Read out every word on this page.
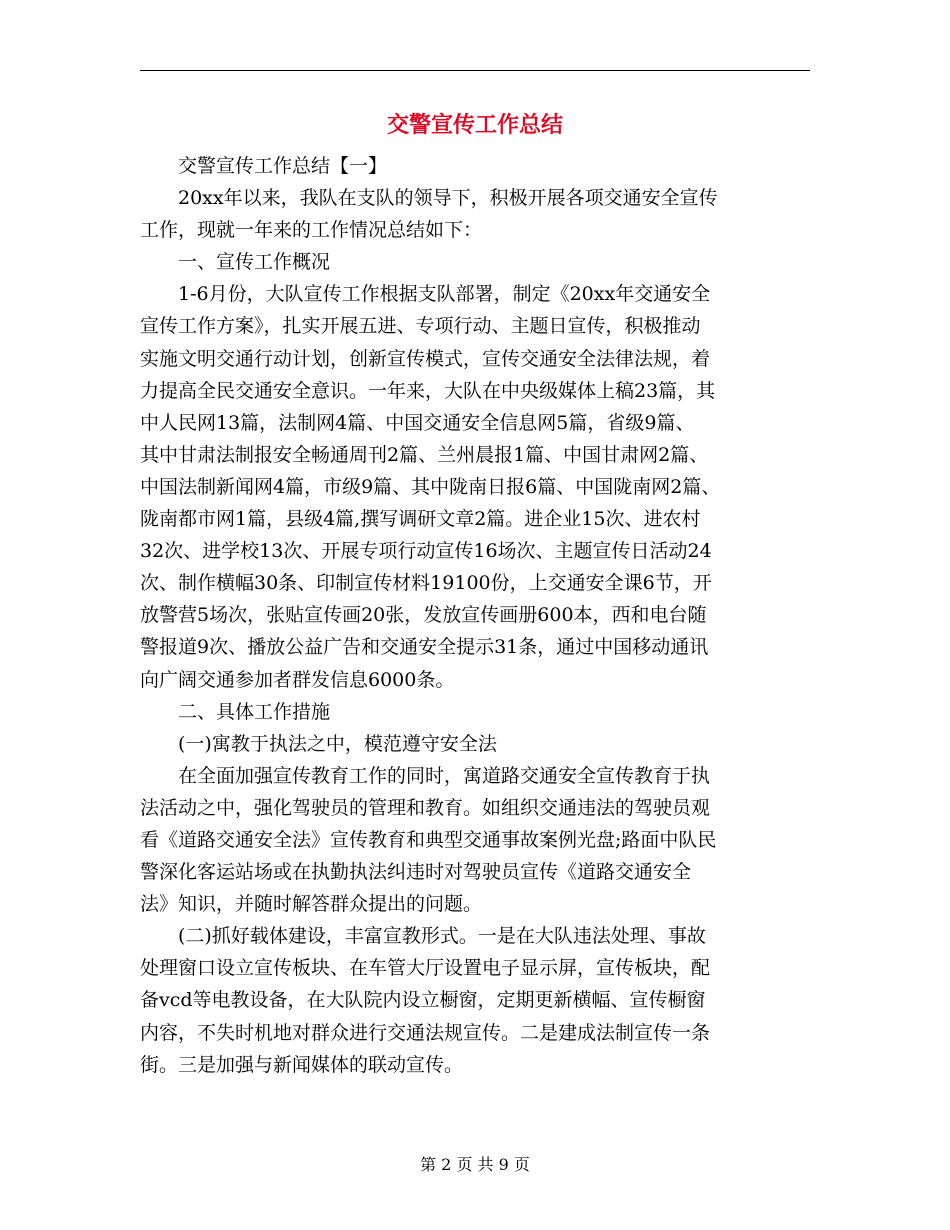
交警宣传工作总结
　　交警宣传工作总结【一】
　　20xx年以来，我队在支队的领导下，积极开展各项交通安全宣传
工作，现就一年来的工作情况总结如下：
　　一、宣传工作概况
　　1-6月份，大队宣传工作根据支队部署，制定《20xx年交通安全
宣传工作方案》，扎实开展五进、专项行动、主题日宣传，积极推动
实施文明交通行动计划，创新宣传模式，宣传交通安全法律法规，着
力提高全民交通安全意识。一年来，大队在中央级媒体上稿23篇，其
中人民网13篇，法制网4篇、中国交通安全信息网5篇，省级9篇、
其中甘肃法制报安全畅通周刊2篇、兰州晨报1篇、中国甘肃网2篇、
中国法制新闻网4篇，市级9篇、其中陇南日报6篇、中国陇南网2篇、
陇南都市网1篇，县级4篇,撰写调研文章2篇。进企业15次、进农村
32次、进学校13次、开展专项行动宣传16场次、主题宣传日活动24
次、制作横幅30条、印制宣传材料19100份，上交通安全课6节，开
放警营5场次，张贴宣传画20张，发放宣传画册600本，西和电台随
警报道9次、播放公益广告和交通安全提示31条，通过中国移动通讯
向广阔交通参加者群发信息6000条。
　　二、具体工作措施
　　(一)寓教于执法之中，模范遵守安全法
　　在全面加强宣传教育工作的同时，寓道路交通安全宣传教育于执
法活动之中，强化驾驶员的管理和教育。如组织交通违法的驾驶员观
看《道路交通安全法》宣传教育和典型交通事故案例光盘;路面中队民
警深化客运站场或在执勤执法纠违时对驾驶员宣传《道路交通安全
法》知识，并随时解答群众提出的问题。
　　(二)抓好载体建设，丰富宣教形式。一是在大队违法处理、事故
处理窗口设立宣传板块、在车管大厅设置电子显示屏，宣传板块，配
备vcd等电教设备，在大队院内设立橱窗，定期更新横幅、宣传橱窗
内容，不失时机地对群众进行交通法规宣传。二是建成法制宣传一条
街。三是加强与新闻媒体的联动宣传。
第 2 页 共 9 页
